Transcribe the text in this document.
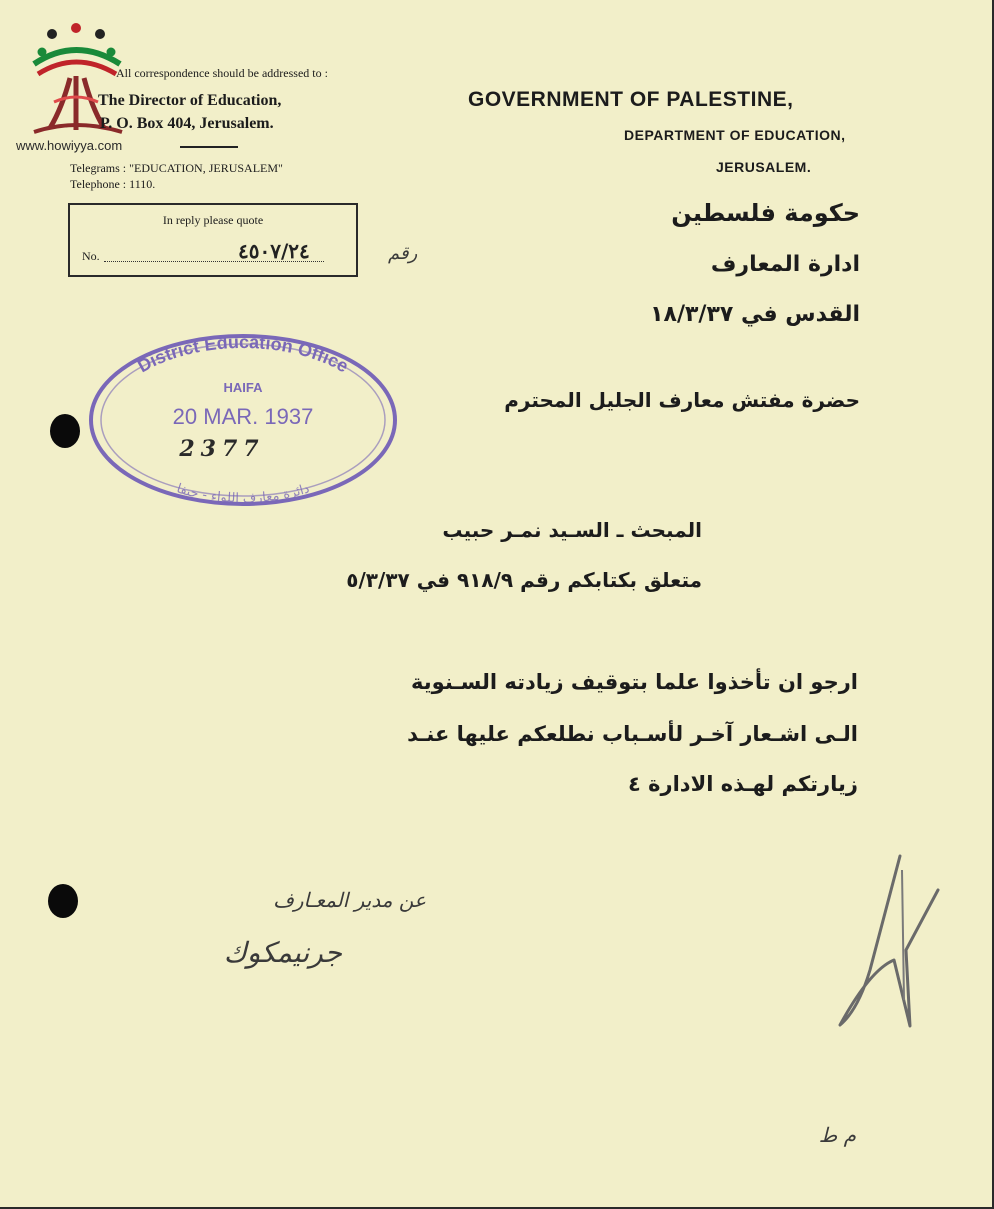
www.howiyya.com
All correspondence should be addressed to :
The Director of Education,
P. O. Box 404, Jerusalem.
Telegrams : "EDUCATION, JERUSALEM"
Telephone : 1110.
In reply please quote
No.	٤٥٠٧/٢٤	رقم
GOVERNMENT OF PALESTINE,
DEPARTMENT OF EDUCATION,
JERUSALEM.
حكومة فلسطين
ادارة المعارف
القدس في ١٨/٣/٣٧
District Education Office
HAIFA
20 MAR. 1937
2377
دائرة معارف اللواء - حيفا
حضرة مفتش معارف الجليل المحترم
المبحث ـ السـيد نمـر حبيب
متعلق بكتابكم رقم ٩١٨/٩ في ٥/٣/٣٧
ارجو ان تأخذوا علما بتوقيف زيادته السـنوية
الـى اشـعار آخـر لأسـباب نطلعكم عليها عنـد
زيارتكم لهـذه الادارة ٤
عن مدير المعـارف
جرنيمكوك
م ط
